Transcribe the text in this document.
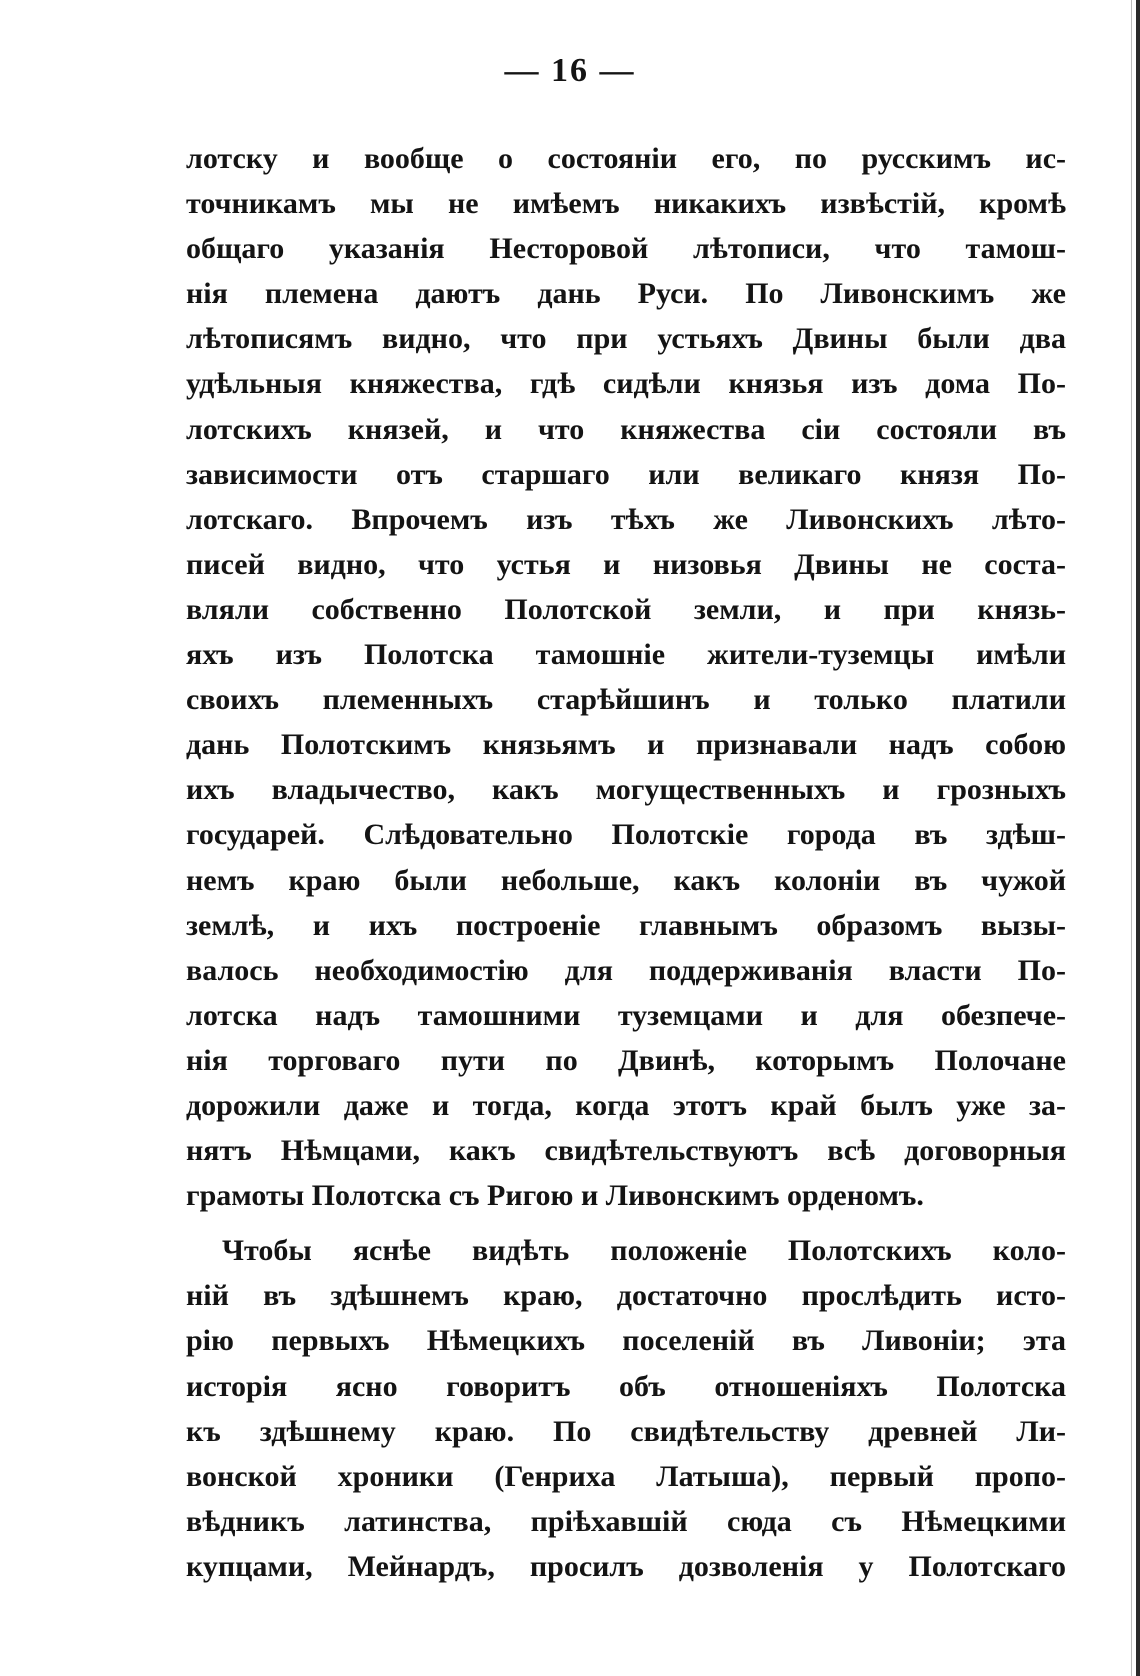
— 16 —
лотску и вообще о состояніи его, по русскимъ ис-
точникамъ мы не имѣемъ никакихъ извѣстій, кромѣ
общаго указанія Несторовой лѣтописи, что тамош-
нія племена даютъ дань Руси. По Ливонскимъ же
лѣтописямъ видно, что при устьяхъ Двины были два
удѣльныя княжества, гдѣ сидѣли князья изъ дома По-
лотскихъ князей, и что княжества сіи состояли въ
зависимости отъ старшаго или великаго князя По-
лотскаго. Впрочемъ изъ тѣхъ же Ливонскихъ лѣто-
писей видно, что устья и низовья Двины не соста-
вляли собственно Полотской земли, и при князь-
яхъ изъ Полотска тамошніе жители-туземцы имѣли
своихъ племенныхъ старѣйшинъ и только платили
дань Полотскимъ князьямъ и признавали надъ собою
ихъ владычество, какъ могущественныхъ и грозныхъ
государей. Слѣдовательно Полотскіе города въ здѣш-
немъ краю были небольше, какъ колоніи въ чужой
землѣ, и ихъ построеніе главнымъ образомъ вызы-
валось необходимостію для поддерживанія власти По-
лотска надъ тамошними туземцами и для обезпече-
нія торговаго пути по Двинѣ, которымъ Полочане
дорожили даже и тогда, когда этотъ край былъ уже за-
нятъ Нѣмцами, какъ свидѣтельствуютъ всѣ договорныя
грамоты Полотска съ Ригою и Ливонскимъ орденомъ.
Чтобы яснѣе видѣть положеніе Полотскихъ коло-
ній въ здѣшнемъ краю, достаточно прослѣдить исто-
рію первыхъ Нѣмецкихъ поселеній въ Ливоніи; эта
исторія ясно говоритъ объ отношеніяхъ Полотска
къ здѣшнему краю. По свидѣтельству древней Ли-
вонской хроники (Генриха Латыша), первый пропо-
вѣдникъ латинства, пріѣхавшій сюда съ Нѣмецкими
купцами, Мейнардъ, просилъ дозволенія у Полотскаго
